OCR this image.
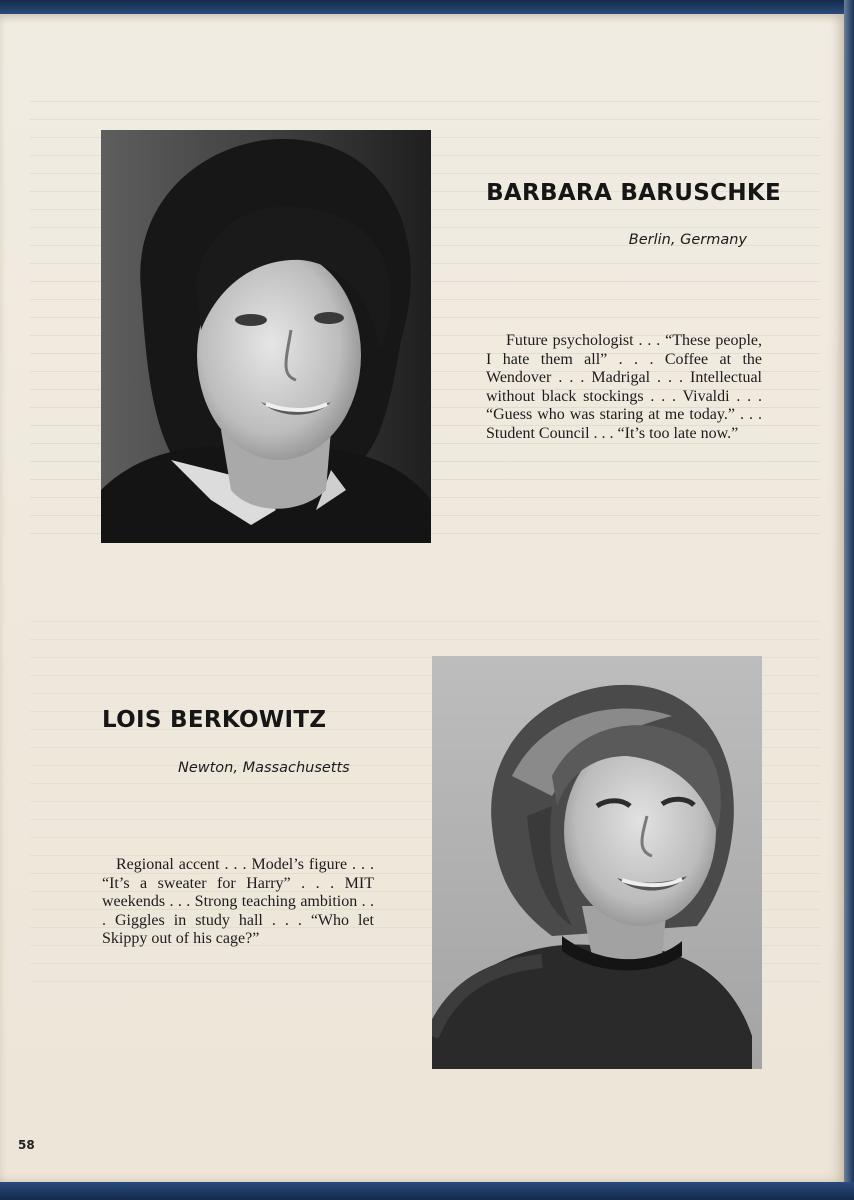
BARBARA BARUSCHKE
Berlin, Germany

Future psychologist . . . “These people, I hate them all” . . . Coffee at the Wendover . . . Madrigal . . . Intellectual without black stockings . . . Vivaldi . . . “Guess who was staring at me today.” . . . Student Council . . . “It’s too late now.”

LOIS BERKOWITZ
Newton, Massachusetts

Regional accent . . . Model’s figure . . . “It’s a sweater for Harry” . . . MIT weekends . . . Strong teaching ambition . . . Giggles in study hall . . . “Who let Skippy out of his cage?”

58
